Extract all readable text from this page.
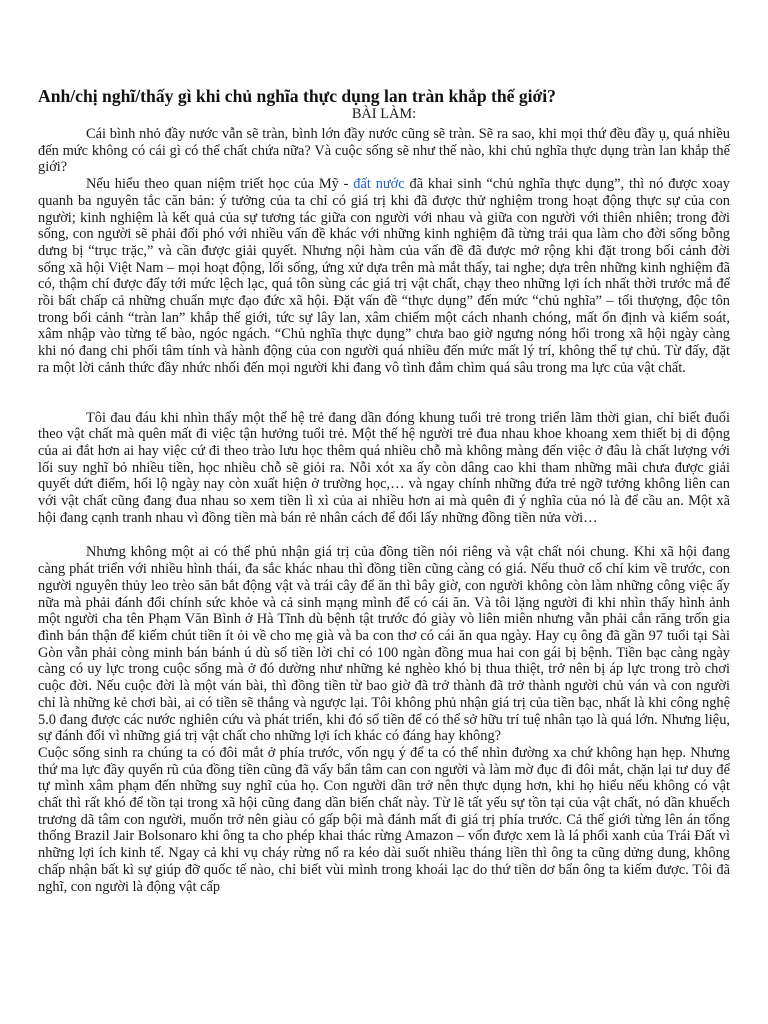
Anh/chị nghĩ/thấy gì khi chủ nghĩa thực dụng lan tràn khắp thế giới?
BÀI LÀM:

Cái bình nhỏ đầy nước vẫn sẽ tràn, bình lớn đầy nước cũng sẽ tràn. Sẽ ra sao, khi mọi thứ đều đầy ụ, quá nhiều đến mức không có cái gì có thể chất chứa nữa? Và cuộc sống sẽ như thế nào, khi chủ nghĩa thực dụng tràn lan khắp thế giới?

Nếu hiểu theo quan niệm triết học của Mỹ - đất nước đã khai sinh “chủ nghĩa thực dụng”, thì nó được xoay quanh ba nguyên tắc căn bản: ý tưởng của ta chỉ có giá trị khi đã được thử nghiệm trong hoạt động thực sự của con người; kinh nghiệm là kết quả của sự tương tác giữa con người với nhau và giữa con người với thiên nhiên; trong đời sống, con người sẽ phải đối phó với nhiều vấn đề khác với những kinh nghiệm đã từng trải qua làm cho đời sống bỗng dưng bị “trục trặc,” và cần được giải quyết. Nhưng nội hàm của vấn đề đã được mở rộng khi đặt trong bối cảnh đời sống xã hội Việt Nam – mọi hoạt động, lối sống, ứng xử dựa trên mà mắt thấy, tai nghe; dựa trên những kinh nghiệm đã có, thậm chí được đẩy tới mức lệch lạc, quá tôn sùng các giá trị vật chất, chạy theo những lợi ích nhất thời trước mắ để rồi bất chấp cả những chuẩn mực đạo đức xã hội. Đặt vấn đề “thực dụng” đến mức “chủ nghĩa” – tối thượng, độc tôn trong bối cảnh “tràn lan” khắp thế giới, tức sự lây lan, xâm chiếm một cách nhanh chóng, mất ổn định và kiểm soát, xâm nhập vào từng tế bào, ngóc ngách. “Chủ nghĩa thực dụng” chưa bao giờ ngưng nóng hổi trong xã hội ngày càng khi nó đang chi phối tâm tính và hành động của con người quá nhiều đến mức mất lý trí, không thể tự chủ. Từ đấy, đặt ra một lời cảnh thức đầy nhức nhối đến mọi người khi đang vô tình đắm chìm quá sâu trong ma lực của vật chất.

Tôi đau đáu khi nhìn thấy một thế hệ trẻ đang dần đóng khung tuổi trẻ trong triển lãm thời gian, chỉ biết đuổi theo vật chất mà quên mất đi việc tận hưởng tuổi trẻ. Một thế hệ người trẻ đua nhau khoe khoang xem thiết bị di động của ai đắt hơn ai hay việc cứ đi theo trào lưu học thêm quá nhiều chỗ mà không màng đến việc ở đâu là chất lượng với lối suy nghĩ bỏ nhiều tiền, học nhiều chỗ sẽ giỏi ra. Nỗi xót xa ấy còn dâng cao khi tham những mãi chưa được giải quyết dứt điểm, hối lộ ngày nay còn xuất hiện ở trường học,… và ngay chính những đứa trẻ ngỡ tưởng không liên can với vật chất cũng đang đua nhau so xem tiền lì xì của ai nhiều hơn ai mà quên đi ý nghĩa của nó là để cầu an. Một xã hội đang cạnh tranh nhau vì đồng tiền mà bán rẻ nhân cách để đổi lấy những đồng tiền nửa vời…

Nhưng không một ai có thể phủ nhận giá trị của đồng tiền nói riêng và vật chất nói chung. Khi xã hội đang càng phát triển với nhiều hình thái, đa sắc khác nhau thì đồng tiền cũng càng có giá. Nếu thuở cổ chí kim về trước, con người nguyên thủy leo trèo săn bắt động vật và trái cây để ăn thì bây giờ, con người không còn làm những công việc ấy nữa mà phải đánh đổi chính sức khỏe và cả sinh mạng mình để có cái ăn. Và tôi lặng người đi khi nhìn thấy hình ảnh một người cha tên Phạm Văn Bình ở Hà Tĩnh dù bệnh tật trước đó giày vò liên miên nhưng vẫn phải cắn răng trốn gia đình bán thận để kiếm chút tiền ít ỏi về cho mẹ già và ba con thơ có cái ăn qua ngày. Hay cụ ông đã gần 97 tuổi tại Sài Gòn vẫn phải còng minh bán bánh ú dù số tiền lời chỉ có 100 ngàn đồng mua hai con gái bị bệnh. Tiền bạc càng ngày càng có uy lực trong cuộc sống mà ở đó dường như những kẻ nghèo khó bị thua thiệt, trở nên bị áp lực trong trò chơi cuộc đời. Nếu cuộc đời là một ván bài, thì đồng tiền từ bao giờ đã trở thành đã trở thành người chủ ván và con người chỉ là những kẻ chơi bài, ai có tiền sẽ thắng và ngược lại. Tôi không phủ nhận giá trị của tiền bạc, nhất là khi công nghệ 5.0 đang được các nước nghiên cứu và phát triển, khi đó số tiền để có thể sở hữu trí tuệ nhân tạo là quá lớn. Nhưng liệu, sự đánh đổi vì những giá trị vật chất cho những lợi ích khác có đáng hay không?

Cuộc sống sinh ra chúng ta có đôi mắt ở phía trước, vốn ngụ ý để ta có thể nhìn đường xa chứ không hạn hẹp. Nhưng thứ ma lực đầy quyến rũ của đồng tiền cũng đã vấy bẩn tâm can con người và làm mờ đục đi đôi mắt, chặn lại tư duy để tự mình xâm phạm đến những suy nghĩ của họ. Con người dần trở nên thực dụng hơn, khi họ hiểu nếu không có vật chất thì rất khó để tồn tại trong xã hội cũng đang dần biến chất này. Từ lẽ tất yếu sự tồn tại của vật chất, nó dần khuếch trương dã tâm con người, muốn trở nên giàu có gấp bội mà đánh mất đi giá trị phía trước. Cả thế giới từng lên án tổng thống Brazil Jair Bolsonaro khi ông ta cho phép khai thác rừng Amazon – vốn được xem là lá phổi xanh của Trái Đất vì những lợi ích kinh tế. Ngay cả khi vụ cháy rừng nổ ra kéo dài suốt nhiều tháng liền thì ông ta cũng dửng dung, không chấp nhận bất kì sự giúp đỡ quốc tế nào, chỉ biết vùi mình trong khoái lạc do thứ tiền dơ bẩn ông ta kiếm được. Tôi đã nghĩ, con người là động vật cấp
